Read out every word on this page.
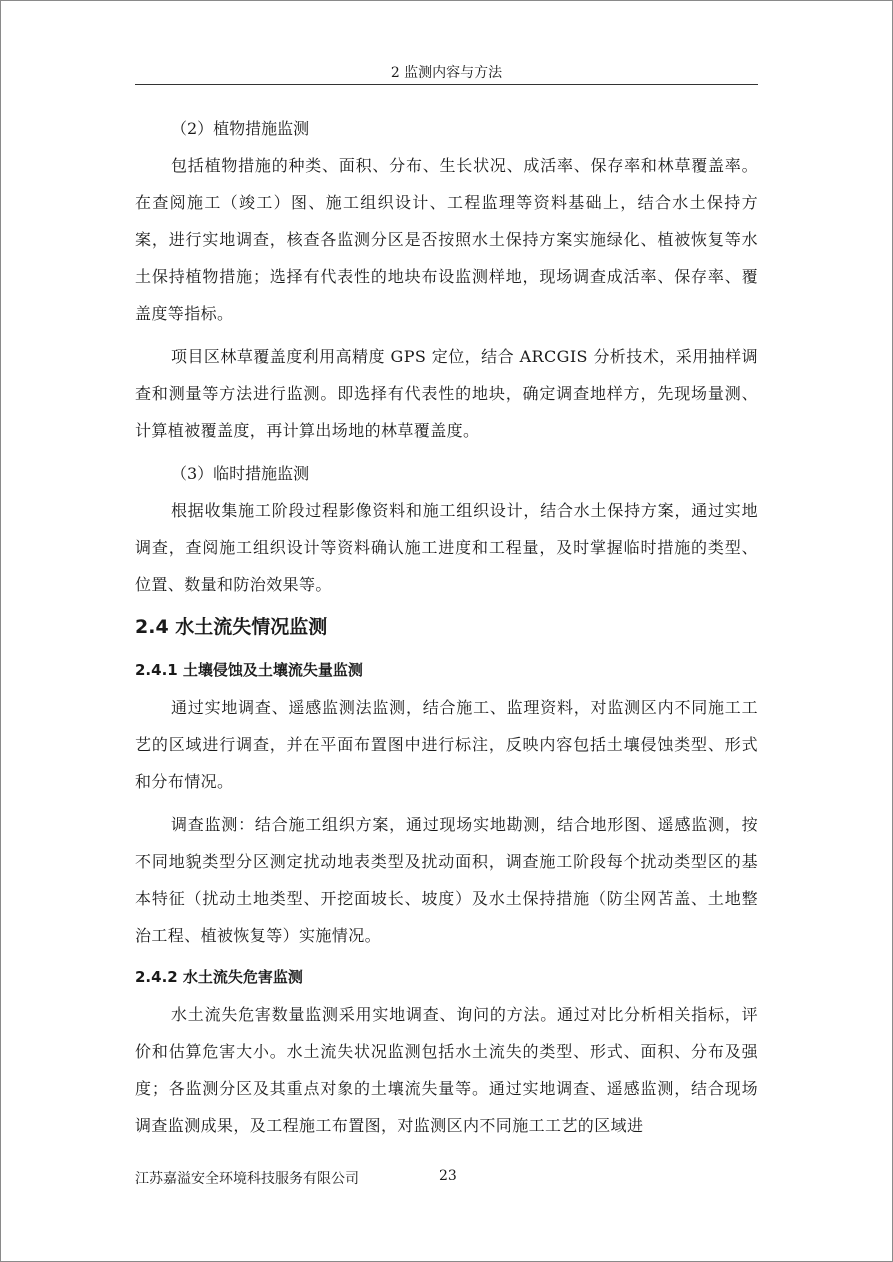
2 监测内容与方法

（2）植物措施监测

包括植物措施的种类、面积、分布、生长状况、成活率、保存率和林草覆盖率。在查阅施工（竣工）图、施工组织设计、工程监理等资料基础上，结合水土保持方案，进行实地调查，核查各监测分区是否按照水土保持方案实施绿化、植被恢复等水土保持植物措施；选择有代表性的地块布设监测样地，现场调查成活率、保存率、覆盖度等指标。

项目区林草覆盖度利用高精度 GPS 定位，结合 ARCGIS 分析技术，采用抽样调查和测量等方法进行监测。即选择有代表性的地块，确定调查地样方，先现场量测、计算植被覆盖度，再计算出场地的林草覆盖度。

（3）临时措施监测

根据收集施工阶段过程影像资料和施工组织设计，结合水土保持方案，通过实地调查，查阅施工组织设计等资料确认施工进度和工程量，及时掌握临时措施的类型、位置、数量和防治效果等。

2.4 水土流失情况监测
2.4.1 土壤侵蚀及土壤流失量监测

通过实地调查、遥感监测法监测，结合施工、监理资料，对监测区内不同施工工艺的区域进行调查，并在平面布置图中进行标注，反映内容包括土壤侵蚀类型、形式和分布情况。

调查监测：结合施工组织方案，通过现场实地勘测，结合地形图、遥感监测，按不同地貌类型分区测定扰动地表类型及扰动面积，调查施工阶段每个扰动类型区的基本特征（扰动土地类型、开挖面坡长、坡度）及水土保持措施（防尘网苫盖、土地整治工程、植被恢复等）实施情况。

2.4.2 水土流失危害监测

水土流失危害数量监测采用实地调查、询问的方法。通过对比分析相关指标，评价和估算危害大小。水土流失状况监测包括水土流失的类型、形式、面积、分布及强度；各监测分区及其重点对象的土壤流失量等。通过实地调查、遥感监测，结合现场调查监测成果，及工程施工布置图，对监测区内不同施工工艺的区域进

江苏嘉溢安全环境科技服务有限公司	23
